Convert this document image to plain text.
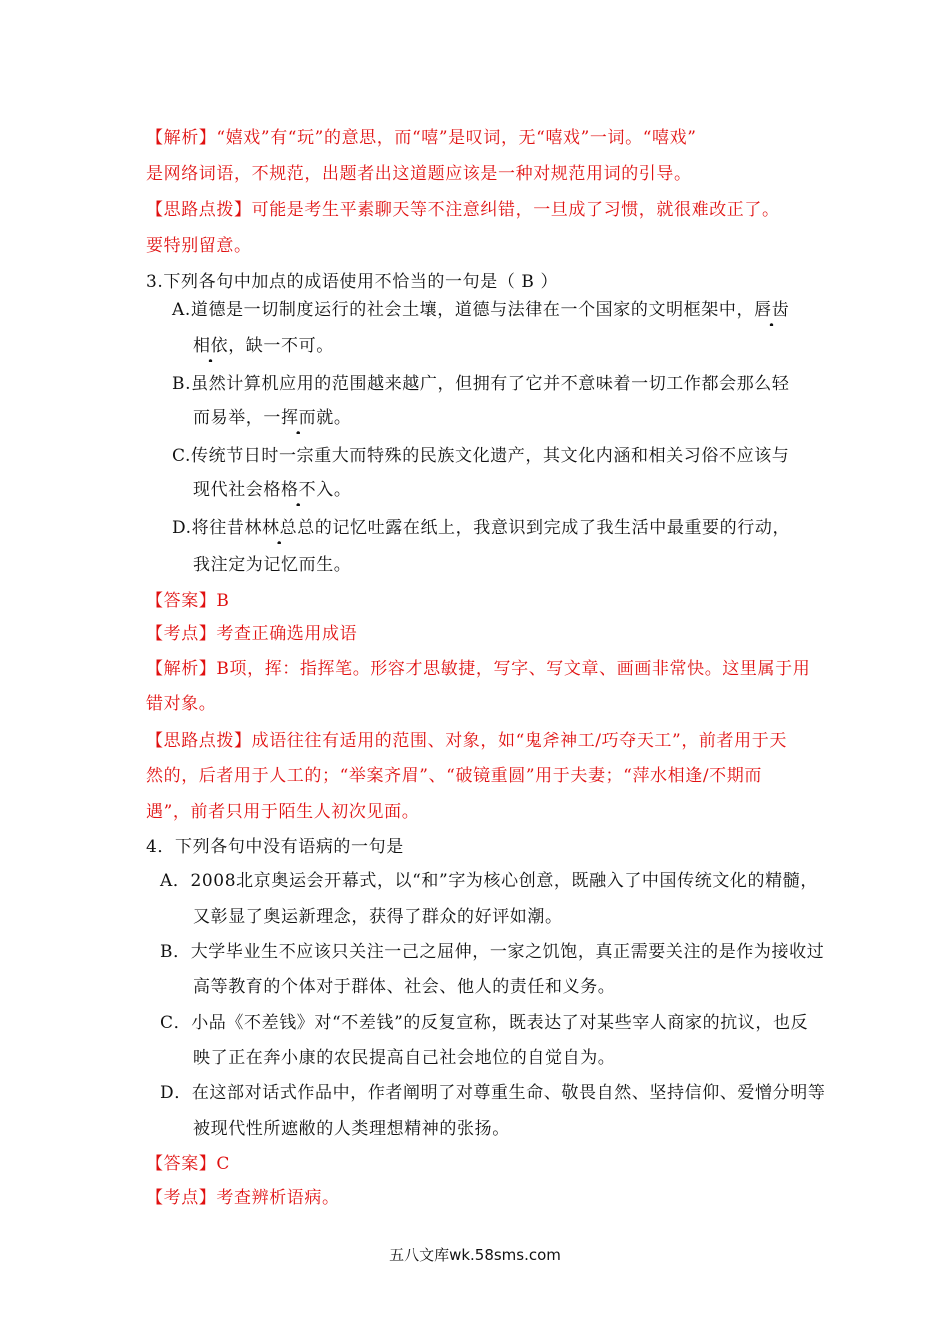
【解析】“嬉戏”有“玩”的意思，而“嘻”是叹词，无“嘻戏”一词。“嘻戏”
是网络词语，不规范，出题者出这道题应该是一种对规范用词的引导。
【思路点拨】可能是考生平素聊天等不注意纠错，一旦成了习惯，就很难改正了。
要特别留意。
3.下列各句中加点的成语使用不恰当的一句是（ B ）
A.道德是一切制度运行的社会土壤，道德与法律在一个国家的文明框架中，唇齿
相依，缺一不可。
B.虽然计算机应用的范围越来越广，但拥有了它并不意味着一切工作都会那么轻
而易举，一挥而就。
C.传统节日时一宗重大而特殊的民族文化遗产，其文化内涵和相关习俗不应该与
现代社会格格不入。
D.将往昔林林总总的记忆吐露在纸上，我意识到完成了我生活中最重要的行动，
我注定为记忆而生。
【答案】B
【考点】考查正确选用成语
【解析】B项，挥：指挥笔。形容才思敏捷，写字、写文章、画画非常快。这里属于用
错对象。
【思路点拨】成语往往有适用的范围、对象，如“鬼斧神工/巧夺天工”，前者用于天
然的，后者用于人工的；“举案齐眉”、“破镜重圆”用于夫妻；“萍水相逢/不期而
遇”，前者只用于陌生人初次见面。
4．下列各句中没有语病的一句是
A．2008北京奥运会开幕式，以“和”字为核心创意，既融入了中国传统文化的精髓，
又彰显了奥运新理念，获得了群众的好评如潮。
B．大学毕业生不应该只关注一己之屈伸，一家之饥饱，真正需要关注的是作为接收过
高等教育的个体对于群体、社会、他人的责任和义务。
C．小品《不差钱》对“不差钱”的反复宣称，既表达了对某些宰人商家的抗议，也反
映了正在奔小康的农民提高自己社会地位的自觉自为。
D．在这部对话式作品中，作者阐明了对尊重生命、敬畏自然、坚持信仰、爱憎分明等
被现代性所遮敝的人类理想精神的张扬。
【答案】C
【考点】考查辨析语病。
五八文库wk.58sms.com
